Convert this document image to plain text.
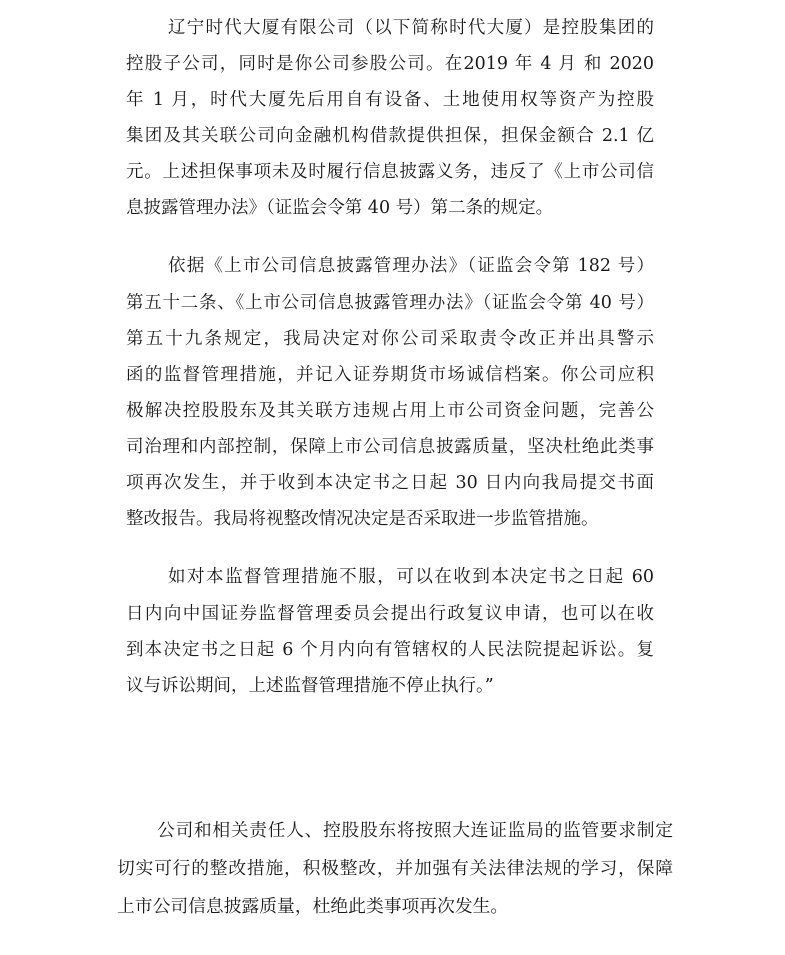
辽宁时代大厦有限公司（以下简称时代大厦）是控股集团的
控股子公司，同时是你公司参股公司。在2019 年 4 月 和 2020
年 1 月，时代大厦先后用自有设备、土地使用权等资产为控股
集团及其关联公司向金融机构借款提供担保，担保金额合 2.1 亿
元。上述担保事项未及时履行信息披露义务，违反了《上市公司信
息披露管理办法》（证监会令第 40 号）第二条的规定。
依据《上市公司信息披露管理办法》（证监会令第 182 号）
第五十二条、《上市公司信息披露管理办法》（证监会令第 40 号）
第五十九条规定，我局决定对你公司采取责令改正并出具警示
函的监督管理措施，并记入证券期货市场诚信档案。你公司应积
极解决控股股东及其关联方违规占用上市公司资金问题，完善公
司治理和内部控制，保障上市公司信息披露质量，坚决杜绝此类事
项再次发生，并于收到本决定书之日起 30 日内向我局提交书面
整改报告。我局将视整改情况决定是否采取进一步监管措施。
如对本监督管理措施不服，可以在收到本决定书之日起 60
日内向中国证券监督管理委员会提出行政复议申请，也可以在收
到本决定书之日起 6 个月内向有管辖权的人民法院提起诉讼。复
议与诉讼期间，上述监督管理措施不停止执行。”
公司和相关责任人、控股股东将按照大连证监局的监管要求制定
切实可行的整改措施，积极整改，并加强有关法律法规的学习，保障
上市公司信息披露质量，杜绝此类事项再次发生。
